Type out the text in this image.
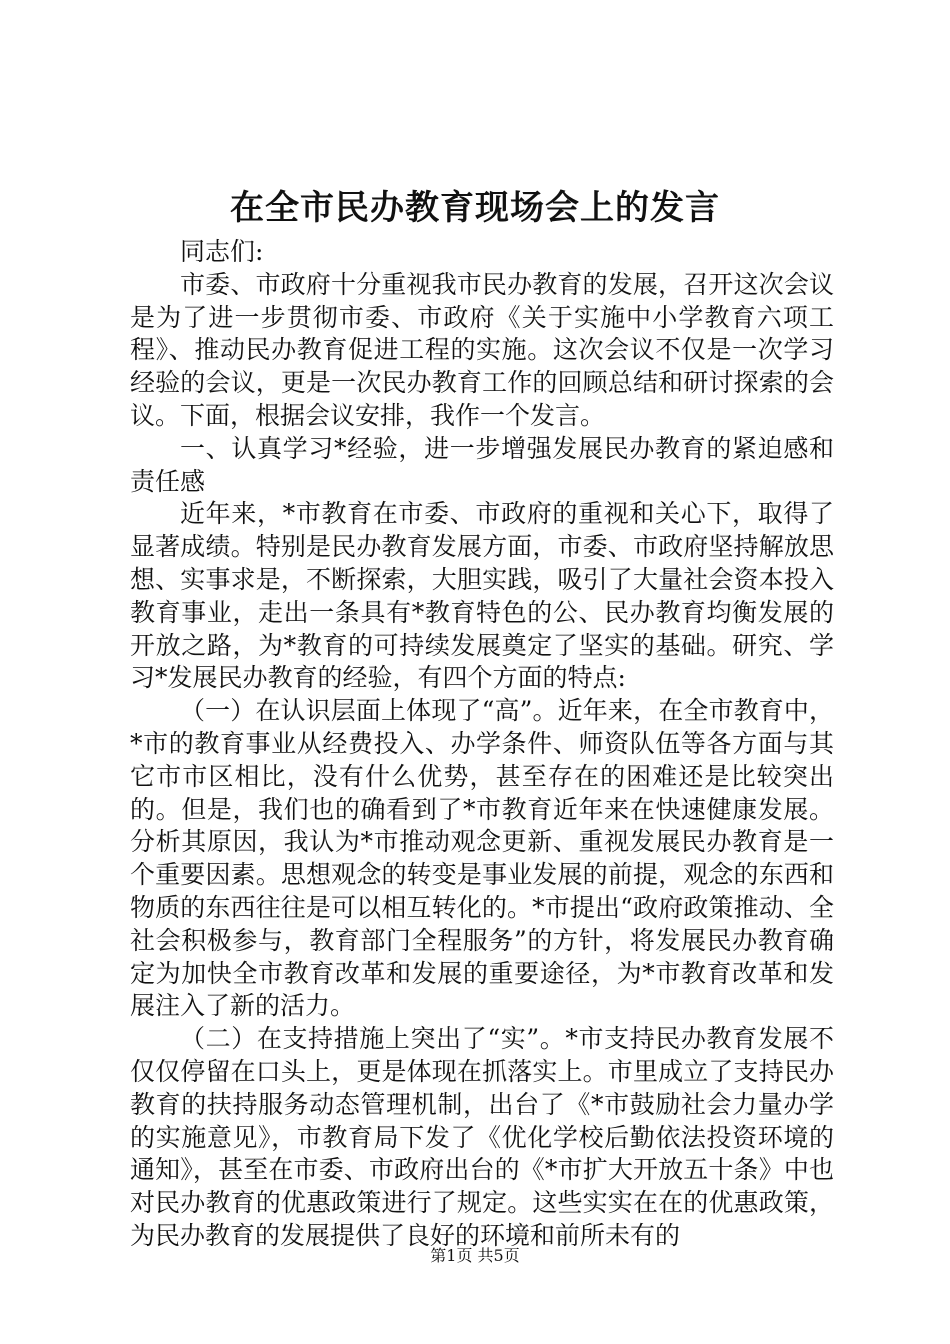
在全市民办教育现场会上的发言

同志们:

市委、市政府十分重视我市民办教育的发展，召开这次会议是为了进一步贯彻市委、市政府《关于实施中小学教育六项工程》、推动民办教育促进工程的实施。这次会议不仅是一次学习经验的会议，更是一次民办教育工作的回顾总结和研讨探索的会议。下面，根据会议安排，我作一个发言。

一、认真学习*经验，进一步增强发展民办教育的紧迫感和责任感

近年来，*市教育在市委、市政府的重视和关心下，取得了显著成绩。特别是民办教育发展方面，市委、市政府坚持解放思想、实事求是，不断探索，大胆实践，吸引了大量社会资本投入教育事业，走出一条具有*教育特色的公、民办教育均衡发展的开放之路，为*教育的可持续发展奠定了坚实的基础。研究、学习*发展民办教育的经验，有四个方面的特点:

（一）在认识层面上体现了“高”。近年来，在全市教育中，*市的教育事业从经费投入、办学条件、师资队伍等各方面与其它市市区相比，没有什么优势，甚至存在的困难还是比较突出的。但是，我们也的确看到了*市教育近年来在快速健康发展。分析其原因，我认为*市推动观念更新、重视发展民办教育是一个重要因素。思想观念的转变是事业发展的前提，观念的东西和物质的东西往往是可以相互转化的。*市提出“政府政策推动、全社会积极参与，教育部门全程服务”的方针，将发展民办教育确定为加快全市教育改革和发展的重要途径，为*市教育改革和发展注入了新的活力。

（二）在支持措施上突出了“实”。*市支持民办教育发展不仅仅停留在口头上，更是体现在抓落实上。市里成立了支持民办教育的扶持服务动态管理机制，出台了《*市鼓励社会力量办学的实施意见》，市教育局下发了《优化学校后勤依法投资环境的通知》，甚至在市委、市政府出台的《*市扩大开放五十条》中也对民办教育的优惠政策进行了规定。这些实实在在的优惠政策，为民办教育的发展提供了良好的环境和前所未有的

第1页 共5页
